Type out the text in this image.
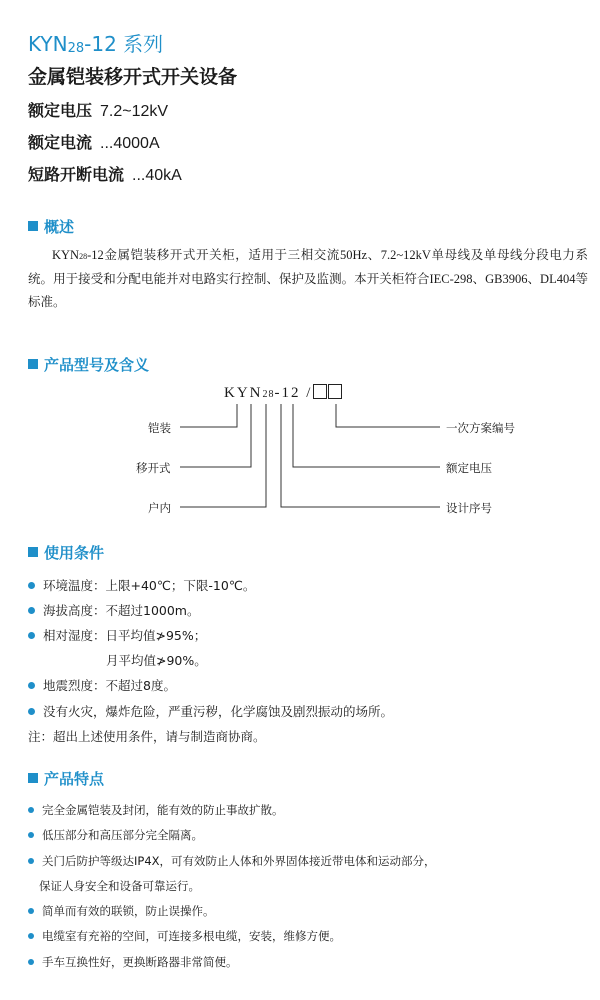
KYN28-12 系列
金属铠装移开式开关设备
额定电压 7.2~12kV
额定电流 ...4000A
短路开断电流 ...40kA
概述
KYN28-12金属铠装移开式开关柜，适用于三相交流50Hz、7.2~12kV单母线及单母线分段电力系统。用于接受和分配电能并对电路实行控制、保护及监测。本开关柜符合IEC-298、GB3906、DL404等标准。
产品型号及含义
KYN28-12 /
铠装
移开式
户内
一次方案编号
额定电压
设计序号
使用条件
环境温度：上限+40℃；下限-10℃。
海拔高度：不超过1000m。
相对湿度：日平均值≯95%；
月平均值≯90%。
地震烈度：不超过8度。
没有火灾，爆炸危险，严重污秽，化学腐蚀及剧烈振动的场所。
注：超出上述使用条件，请与制造商协商。
产品特点
完全金属铠装及封闭，能有效的防止事故扩散。
低压部分和高压部分完全隔离。
关门后防护等级达IP4X，可有效防止人体和外界固体接近带电体和运动部分，
保证人身安全和设备可靠运行。
简单而有效的联锁，防止误操作。
电缆室有充裕的空间，可连接多根电缆，安装，维修方便。
手车互换性好，更换断路器非常简便。
